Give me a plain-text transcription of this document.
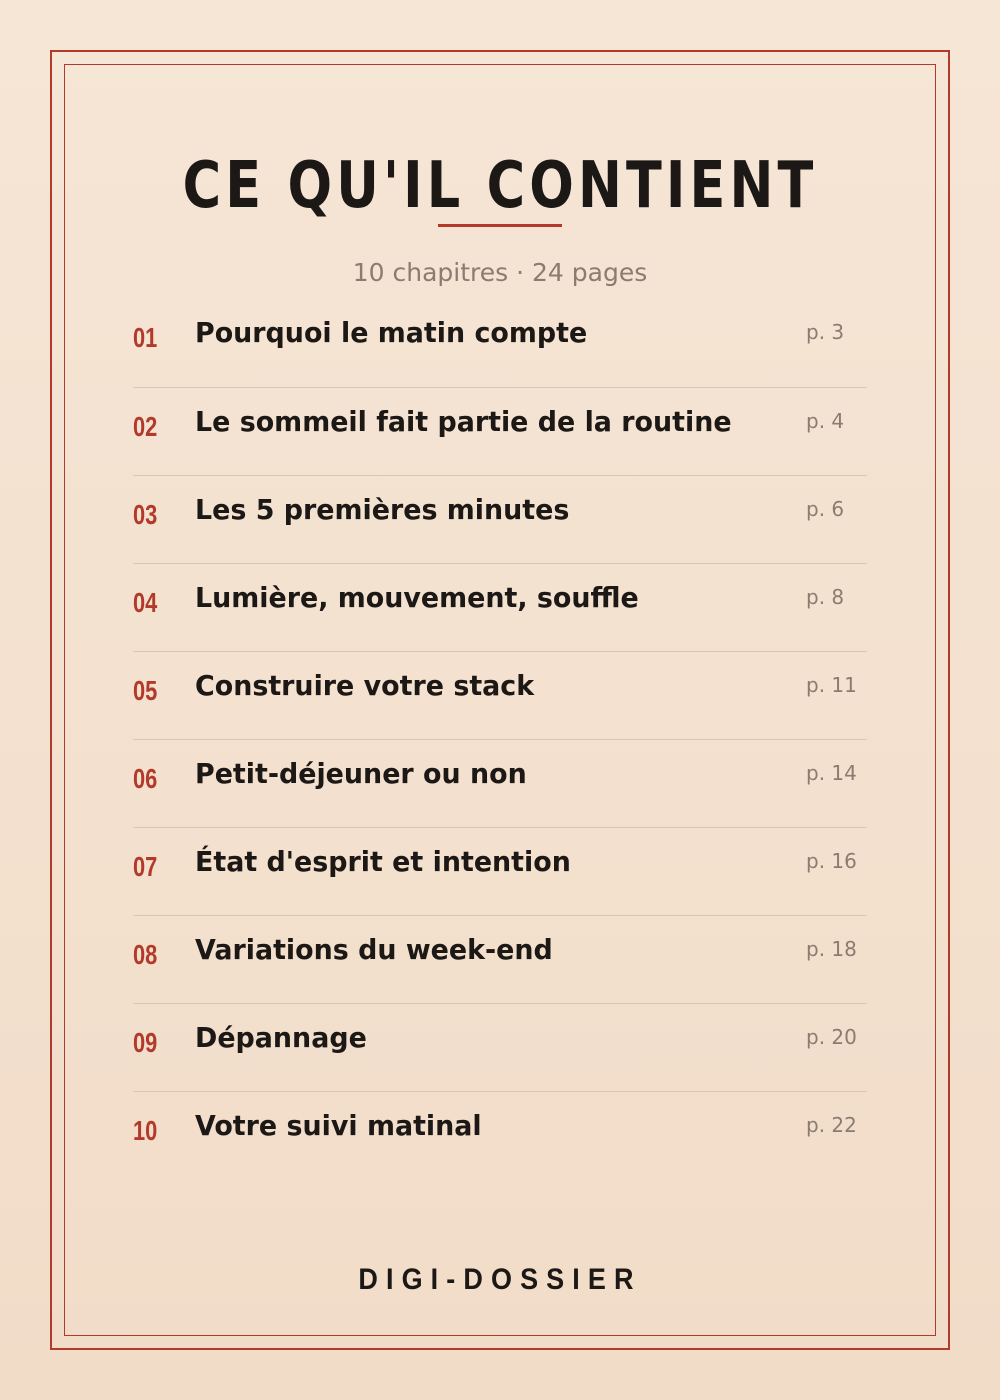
CE QU'IL CONTIENT
10 chapitres · 24 pages
01 Pourquoi le matin compte	p. 3
02 Le sommeil fait partie de la routine	p. 4
03 Les 5 premières minutes	p. 6
04 Lumière, mouvement, souffle	p. 8
05 Construire votre stack	p. 11
06 Petit-déjeuner ou non	p. 14
07 État d'esprit et intention	p. 16
08 Variations du week-end	p. 18
09 Dépannage	p. 20
10 Votre suivi matinal	p. 22
DIGI-DOSSIER
